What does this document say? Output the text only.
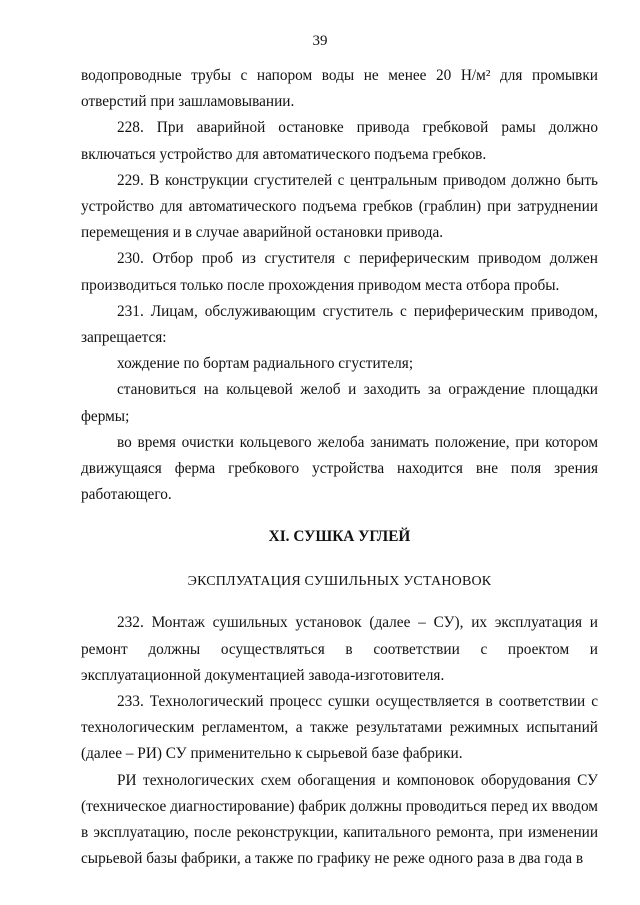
39

водопроводные трубы с напором воды не менее 20 Н/м² для промывки отверстий при зашламовывании.

228. При аварийной остановке привода гребковой рамы должно включаться устройство для автоматического подъема гребков.

229. В конструкции сгустителей с центральным приводом должно быть устройство для автоматического подъема гребков (граблин) при затруднении перемещения и в случае аварийной остановки привода.

230. Отбор проб из сгустителя с периферическим приводом должен производиться только после прохождения приводом места отбора пробы.

231. Лицам, обслуживающим сгуститель с периферическим приводом, запрещается:

хождение по бортам радиального сгустителя;

становиться на кольцевой желоб и заходить за ограждение площадки фермы;

во время очистки кольцевого желоба занимать положение, при котором движущаяся ферма гребкового устройства находится вне поля зрения работающего.

XI. СУШКА УГЛЕЙ
ЭКСПЛУАТАЦИЯ СУШИЛЬНЫХ УСТАНОВОК

232. Монтаж сушильных установок (далее – СУ), их эксплуатация и ремонт должны осуществляться в соответствии с проектом и эксплуатационной документацией завода-изготовителя.

233. Технологический процесс сушки осуществляется в соответствии с технологическим регламентом, а также результатами режимных испытаний (далее – РИ) СУ применительно к сырьевой базе фабрики.

РИ технологических схем обогащения и компоновок оборудования СУ (техническое диагностирование) фабрик должны проводиться перед их вводом в эксплуатацию, после реконструкции, капитального ремонта, при изменении сырьевой базы фабрики, а также по графику не реже одного раза в два года в
